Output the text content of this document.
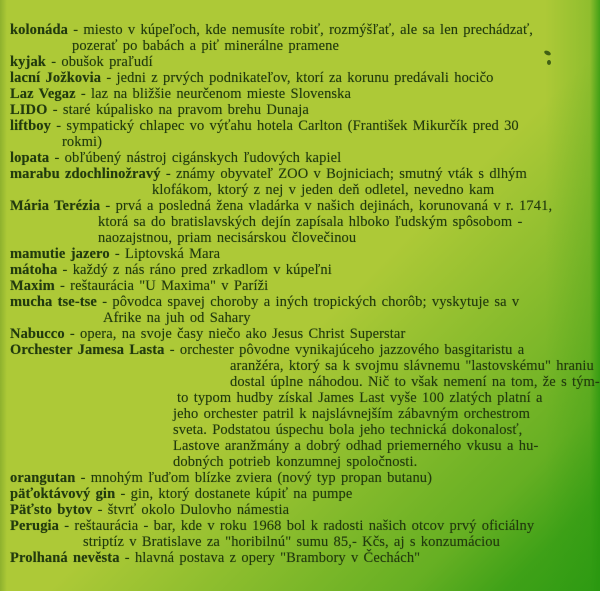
kolonáda - miesto v kúpeľoch, kde nemusíte robiť, rozmýšľať, ale sa len prechádzať,
pozerať po babách a piť minerálne pramene
kyjak - obušok praľudí
lacní Jožkovia - jedni z prvých podnikateľov, ktorí za korunu predávali hocičo
Laz Vegaz - laz na bližšie neurčenom mieste Slovenska
LIDO - staré kúpalisko na pravom brehu Dunaja
liftboy - sympatický chlapec vo výťahu hotela Carlton (František Mikurčík pred 30
rokmi)
lopata - obľúbený nástroj cigánskych ľudových kapiel
marabu zdochlinožravý - známy obyvateľ ZOO v Bojniciach; smutný vták s dlhým
klofákom, ktorý z nej v jeden deň odletel, nevedno kam
Mária Terézia - prvá a posledná žena vladárka v našich dejinách, korunovaná v r. 1741,
ktorá sa do bratislavských dejín zapísala hlboko ľudským spôsobom -
naozajstnou, priam necisárskou človečinou
mamutie jazero - Liptovská Mara
mátoha - každý z nás ráno pred zrkadlom v kúpeľni
Maxim - reštaurácia "U Maxima" v Paríži
mucha tse-tse - pôvodca spavej choroby a iných tropických chorôb; vyskytuje sa v
Afrike na juh od Sahary
Nabucco - opera, na svoje časy niečo ako Jesus Christ Superstar
Orchester Jamesa Lasta - orchester pôvodne vynikajúceho jazzového basgitaristu a
aranžéra, ktorý sa k svojmu slávnemu "lastovskému" hraniu
dostal úplne náhodou. Nič to však nemení na tom, že s tým-
to typom hudby získal James Last vyše 100 zlatých platní a
jeho orchester patril k najslávnejším zábavným orchestrom
sveta. Podstatou úspechu bola jeho technická dokonalosť,
Lastove aranžmány a dobrý odhad priemerného vkusu a hu-
dobných potrieb konzumnej spoločnosti.
orangutan - mnohým ľuďom blízke zviera (nový typ propan butanu)
päťoktávový gin - gin, ktorý dostanete kúpiť na pumpe
Päťsto bytov - štvrť okolo Dulovho námestia
Perugia - reštaurácia - bar, kde v roku 1968 bol k radosti našich otcov prvý oficiálny
striptíz v Bratislave za "horibilnú" sumu 85,- Kčs, aj s konzumáciou
Prolhaná nevěsta - hlavná postava z opery "Brambory v Čechách"
